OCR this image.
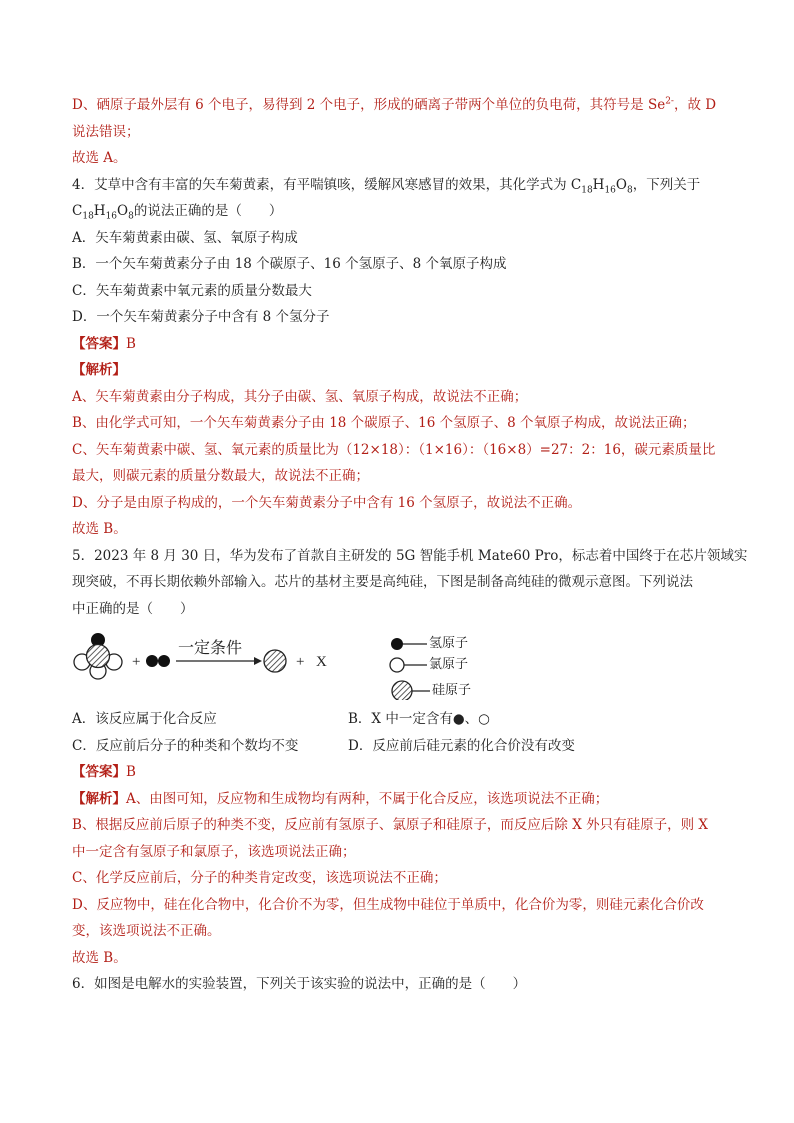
D、硒原子最外层有 6 个电子，易得到 2 个电子，形成的硒离子带两个单位的负电荷，其符号是 $Se^{2-}$，故 D
说法错误；
故选 A。
4．艾草中含有丰富的矢车菊黄素，有平喘镇咳，缓解风寒感冒的效果，其化学式为 $C_{18}H_{16}O_8$，下列关于
$C_{18}H_{16}O_8$的说法正确的是（　　）
A．矢车菊黄素由碳、氢、氧原子构成
B．一个矢车菊黄素分子由 18 个碳原子、16 个氢原子、8 个氧原子构成
C．矢车菊黄素中氧元素的质量分数最大
D．一个矢车菊黄素分子中含有 8 个氢分子
【答案】B
【解析】
A、矢车菊黄素由分子构成，其分子由碳、氢、氧原子构成，故说法不正确；
B、由化学式可知，一个矢车菊黄素分子由 18 个碳原子、16 个氢原子、8 个氧原子构成，故说法正确；
C、矢车菊黄素中碳、氢、氧元素的质量比为（12×18）：（1×16）：（16×8）=27：2：16，碳元素质量比
最大，则碳元素的质量分数最大，故说法不正确；
D、分子是由原子构成的，一个矢车菊黄素分子中含有 16 个氢原子，故说法不正确。
故选 B。
5．2023 年 8 月 30 日，华为发布了首款自主研发的 5G 智能手机 Mate60 Pro，标志着中国终于在芯片领域实
现突破，不再长期依赖外部输入。芯片的基材主要是高纯硅，下图是制备高纯硅的微观示意图。下列说法
中正确的是（　　）
+
一定条件
+ X
氢原子
氯原子
硅原子
A．该反应属于化合反应	B．X 中一定含有●、○
C．反应前后分子的种类和个数均不变	D．反应前后硅元素的化合价没有改变
【答案】B
【解析】A、由图可知，反应物和生成物均有两种，不属于化合反应，该选项说法不正确；
B、根据反应前后原子的种类不变，反应前有氢原子、氯原子和硅原子，而反应后除 X 外只有硅原子，则 X
中一定含有氢原子和氯原子，该选项说法正确；
C、化学反应前后，分子的种类肯定改变，该选项说法不正确；
D、反应物中，硅在化合物中，化合价不为零，但生成物中硅位于单质中，化合价为零，则硅元素化合价改
变，该选项说法不正确。
故选 B。
6．如图是电解水的实验装置，下列关于该实验的说法中，正确的是（　　）
